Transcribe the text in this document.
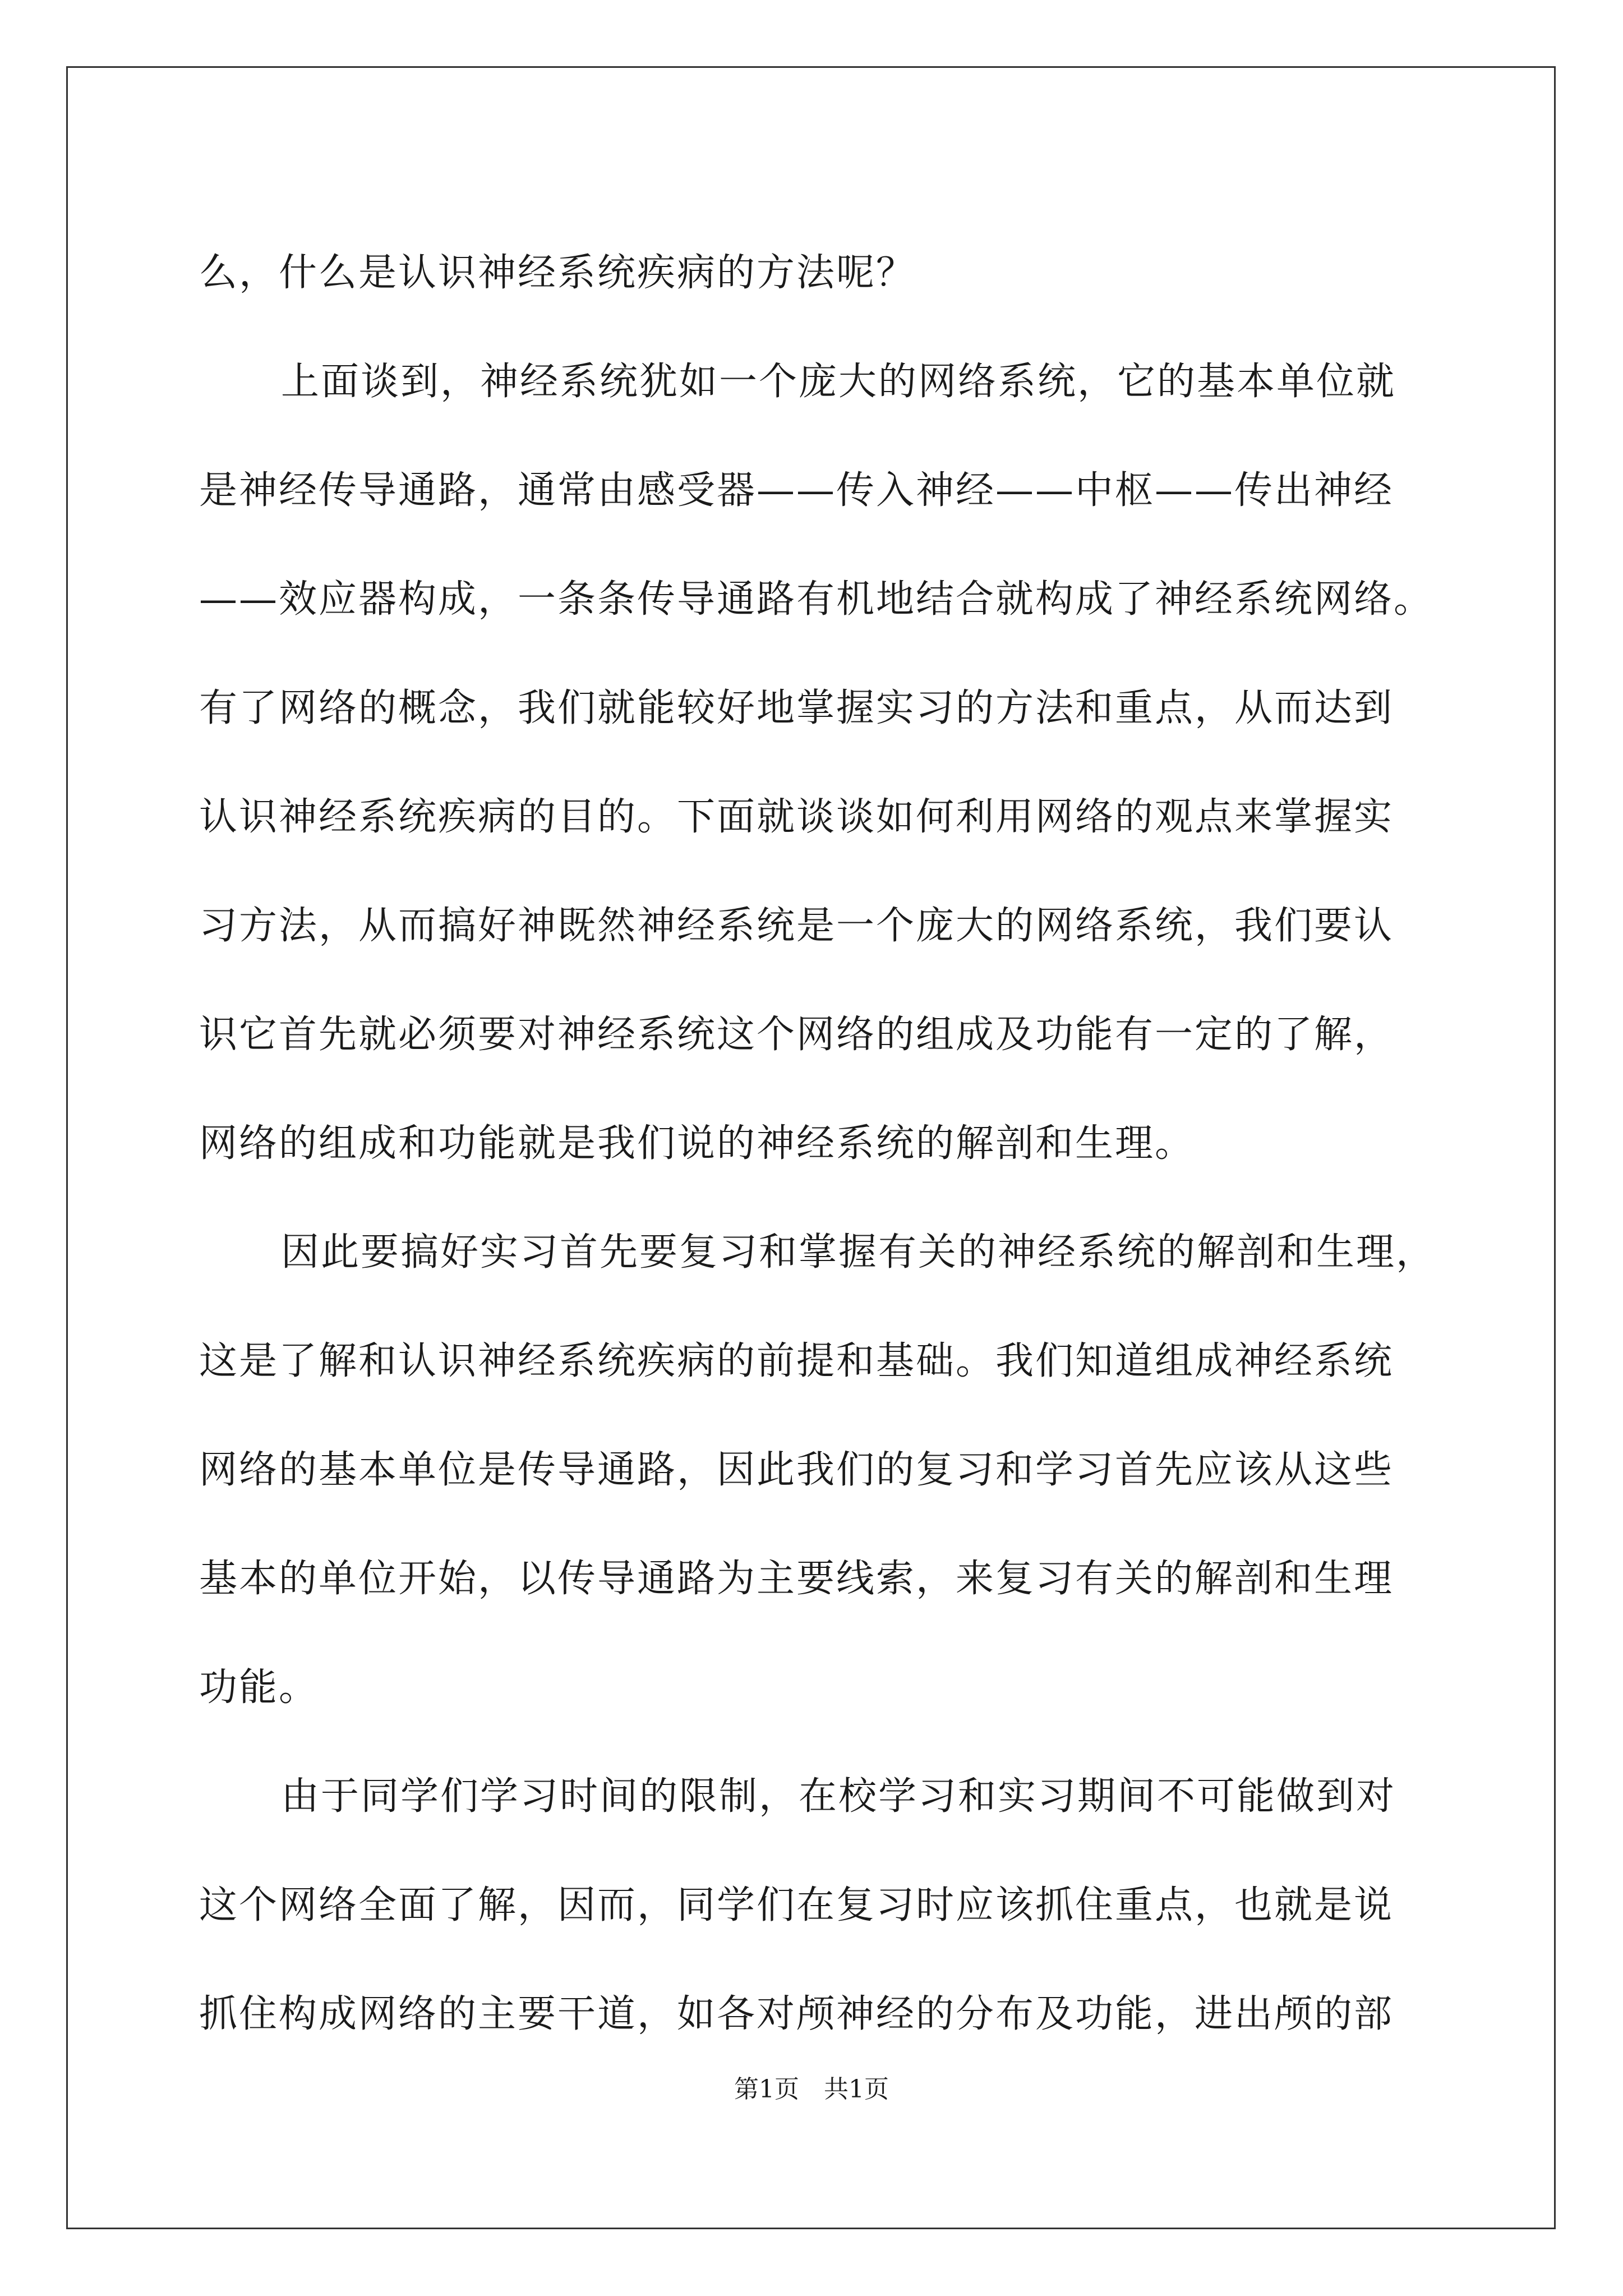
么，什么是认识神经系统疾病的方法呢？
上面谈到，神经系统犹如一个庞大的网络系统，它的基本单位就
是神经传导通路，通常由感受器——传入神经——中枢——传出神经
——效应器构成，一条条传导通路有机地结合就构成了神经系统网络。
有了网络的概念，我们就能较好地掌握实习的方法和重点，从而达到
认识神经系统疾病的目的。下面就谈谈如何利用网络的观点来掌握实
习方法，从而搞好神既然神经系统是一个庞大的网络系统，我们要认
识它首先就必须要对神经系统这个网络的组成及功能有一定的了解，
网络的组成和功能就是我们说的神经系统的解剖和生理。
因此要搞好实习首先要复习和掌握有关的神经系统的解剖和生理，
这是了解和认识神经系统疾病的前提和基础。我们知道组成神经系统
网络的基本单位是传导通路，因此我们的复习和学习首先应该从这些
基本的单位开始，以传导通路为主要线索，来复习有关的解剖和生理
功能。
由于同学们学习时间的限制，在校学习和实习期间不可能做到对
这个网络全面了解，因而，同学们在复习时应该抓住重点，也就是说
抓住构成网络的主要干道，如各对颅神经的分布及功能，进出颅的部
第1页　共1页
